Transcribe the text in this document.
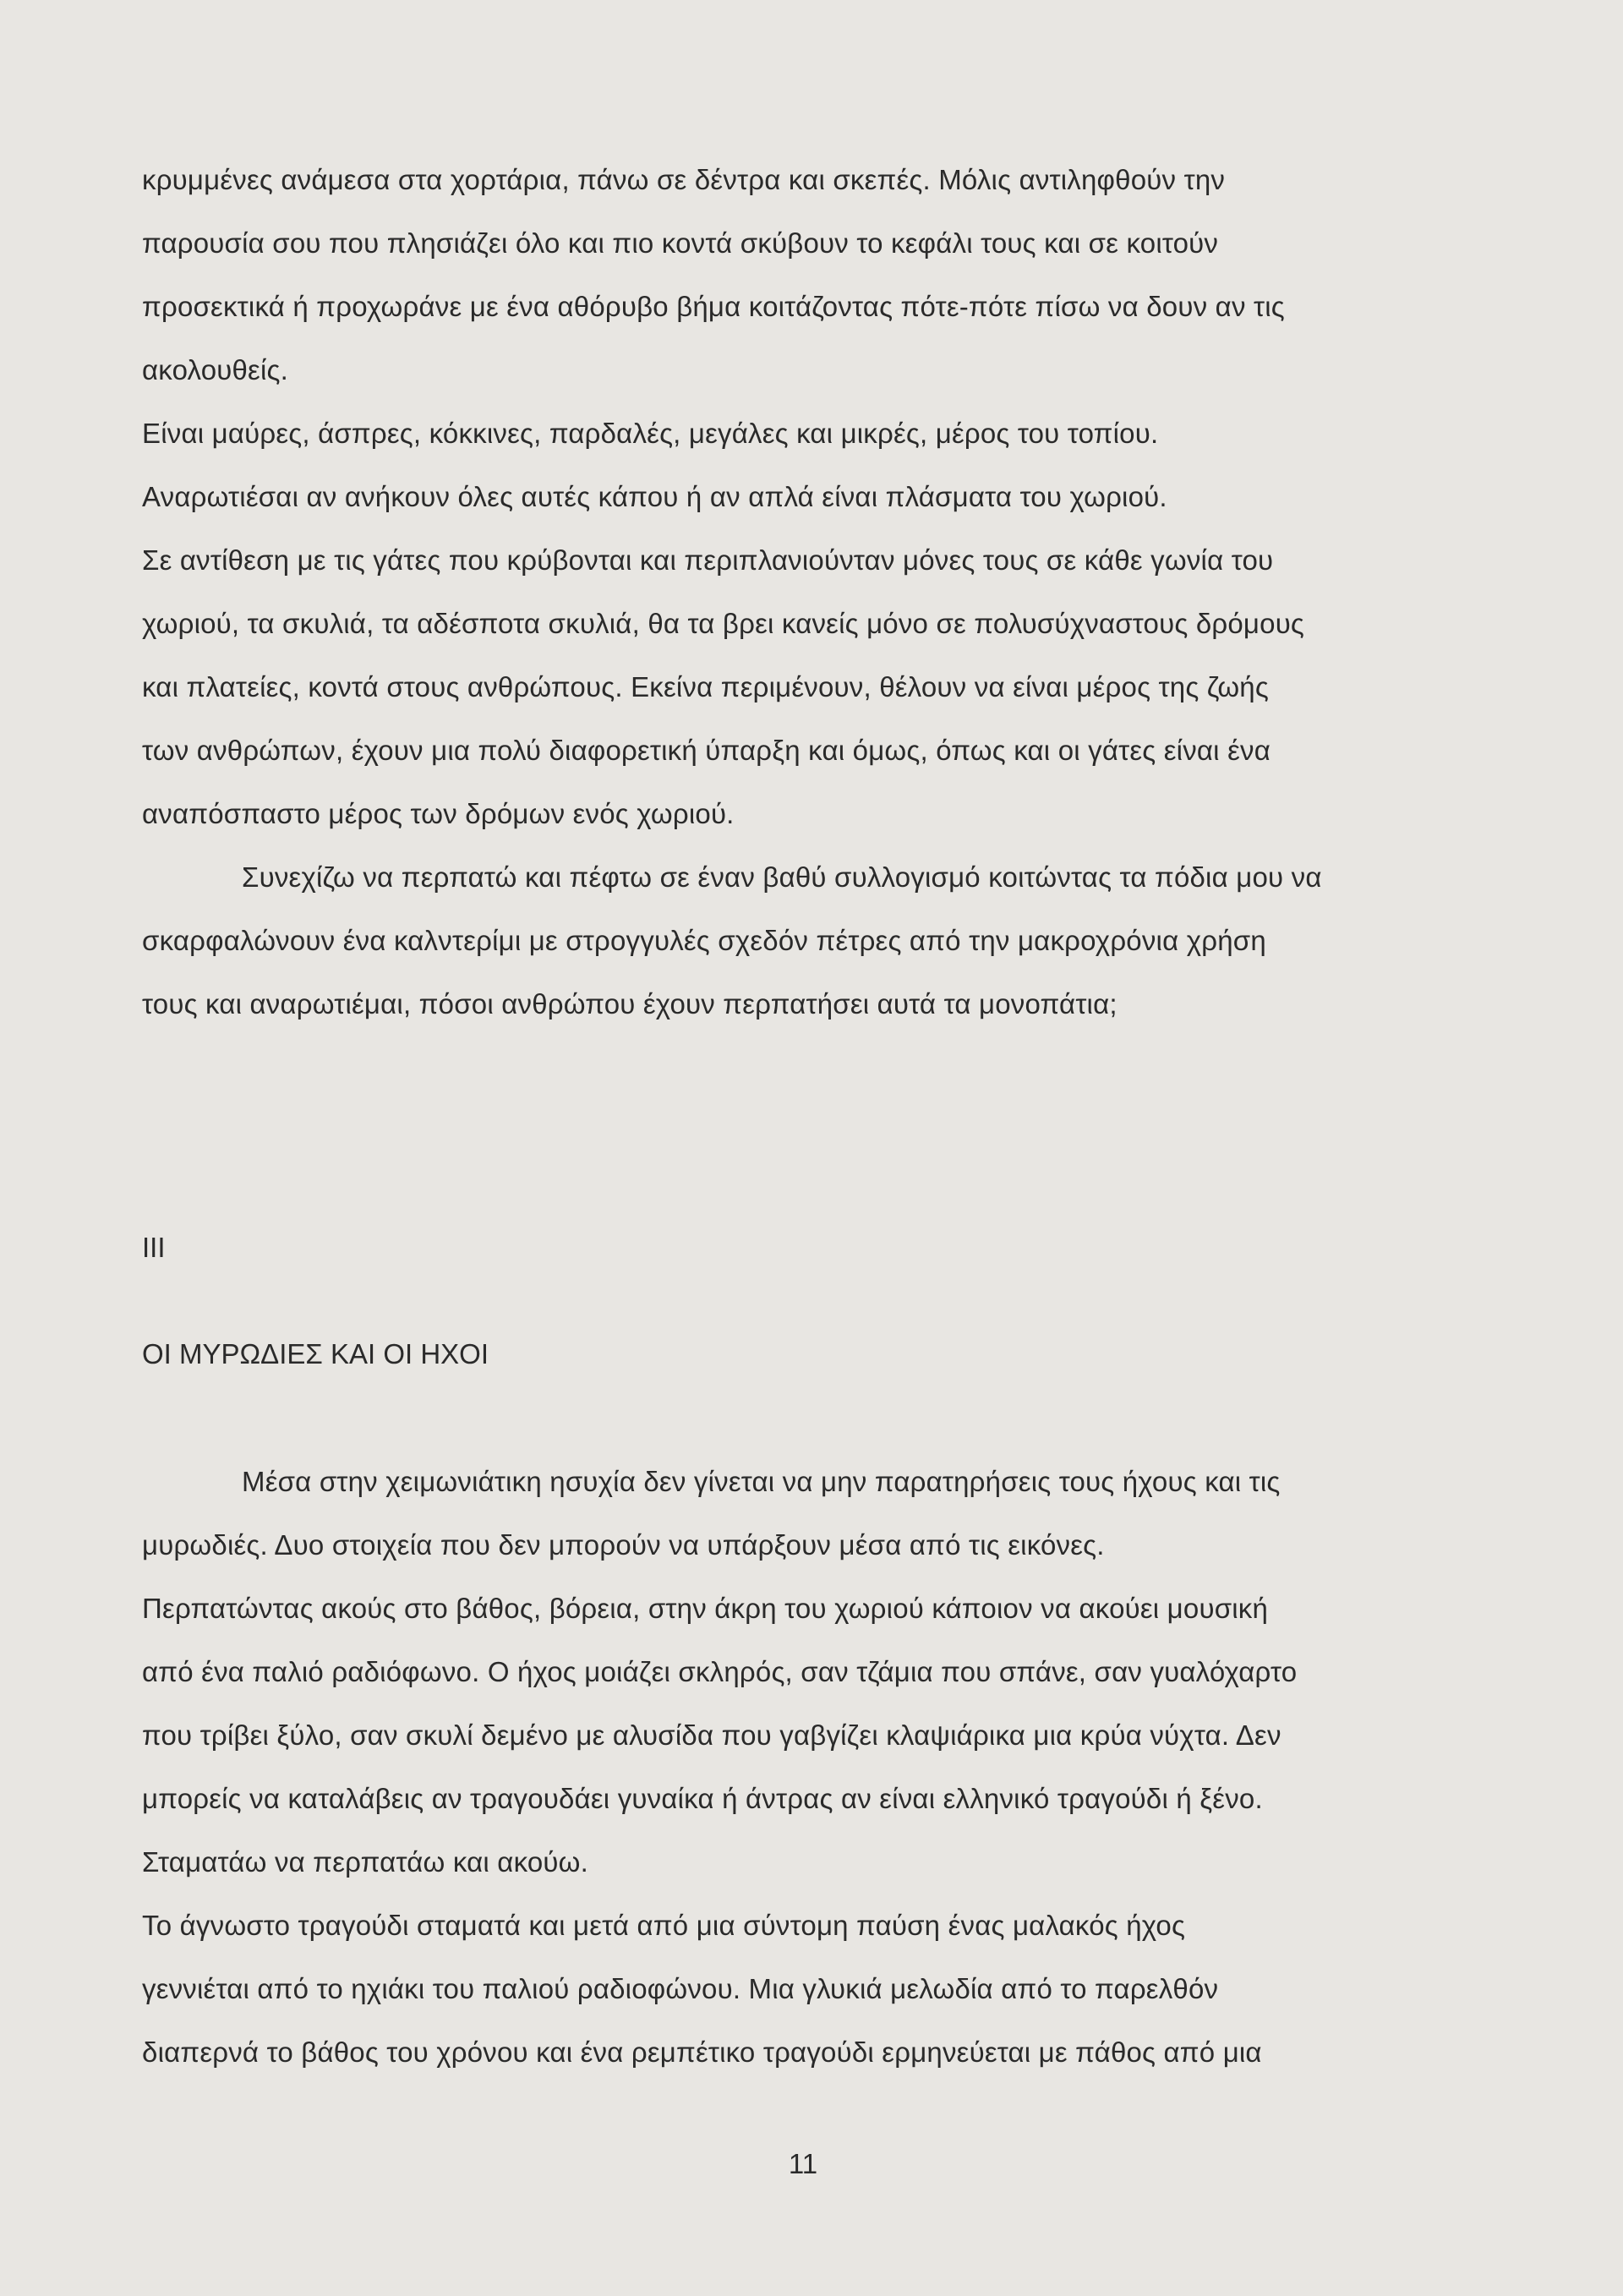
κρυμμένες ανάμεσα στα χορτάρια, πάνω σε δέντρα και σκεπές. Μόλις αντιληφθούν την
παρουσία σου που πλησιάζει όλο και πιο κοντά σκύβουν το κεφάλι τους και σε κοιτούν
προσεκτικά ή προχωράνε με ένα αθόρυβο βήμα κοιτάζοντας πότε-πότε πίσω να δουν αν τις
ακολουθείς.
Είναι μαύρες, άσπρες, κόκκινες, παρδαλές, μεγάλες και μικρές, μέρος του τοπίου.
Αναρωτιέσαι αν ανήκουν όλες αυτές κάπου ή αν απλά είναι πλάσματα του χωριού.
Σε αντίθεση με τις γάτες που κρύβονται και περιπλανιούνταν μόνες τους σε κάθε γωνία του
χωριού, τα σκυλιά, τα αδέσποτα σκυλιά, θα τα βρει κανείς μόνο σε πολυσύχναστους δρόμους
και πλατείες, κοντά στους ανθρώπους. Εκείνα περιμένουν, θέλουν να είναι μέρος της ζωής
των ανθρώπων, έχουν μια πολύ διαφορετική ύπαρξη και όμως, όπως και οι γάτες είναι ένα
αναπόσπαστο μέρος των δρόμων ενός χωριού.
Συνεχίζω να περπατώ και πέφτω σε έναν βαθύ συλλογισμό κοιτώντας τα πόδια μου να
σκαρφαλώνουν ένα καλντερίμι με στρογγυλές σχεδόν πέτρες από την μακροχρόνια χρήση
τους και αναρωτιέμαι, πόσοι ανθρώπου έχουν περπατήσει αυτά τα μονοπάτια;
III
ΟΙ ΜΥΡΩΔΙΕΣ ΚΑΙ ΟΙ ΗΧΟΙ
Μέσα στην χειμωνιάτικη ησυχία δεν γίνεται να μην παρατηρήσεις τους ήχους και τις
μυρωδιές. Δυο στοιχεία που δεν μπορούν να υπάρξουν μέσα από τις εικόνες.
Περπατώντας ακούς στο βάθος, βόρεια, στην άκρη του χωριού κάποιον να ακούει μουσική
από ένα παλιό ραδιόφωνο. Ο ήχος μοιάζει σκληρός, σαν τζάμια που σπάνε, σαν γυαλόχαρτο
που τρίβει ξύλο, σαν σκυλί δεμένο με αλυσίδα που γαβγίζει κλαψιάρικα μια κρύα νύχτα. Δεν
μπορείς να καταλάβεις αν τραγουδάει γυναίκα ή άντρας αν είναι ελληνικό τραγούδι ή ξένο.
Σταματάω να περπατάω και ακούω.
Το άγνωστο τραγούδι σταματά και μετά από μια σύντομη παύση ένας μαλακός ήχος
γεννιέται από το ηχιάκι του παλιού ραδιοφώνου. Μια γλυκιά μελωδία από το παρελθόν
διαπερνά το βάθος του χρόνου και ένα ρεμπέτικο τραγούδι ερμηνεύεται με πάθος από μια
11
